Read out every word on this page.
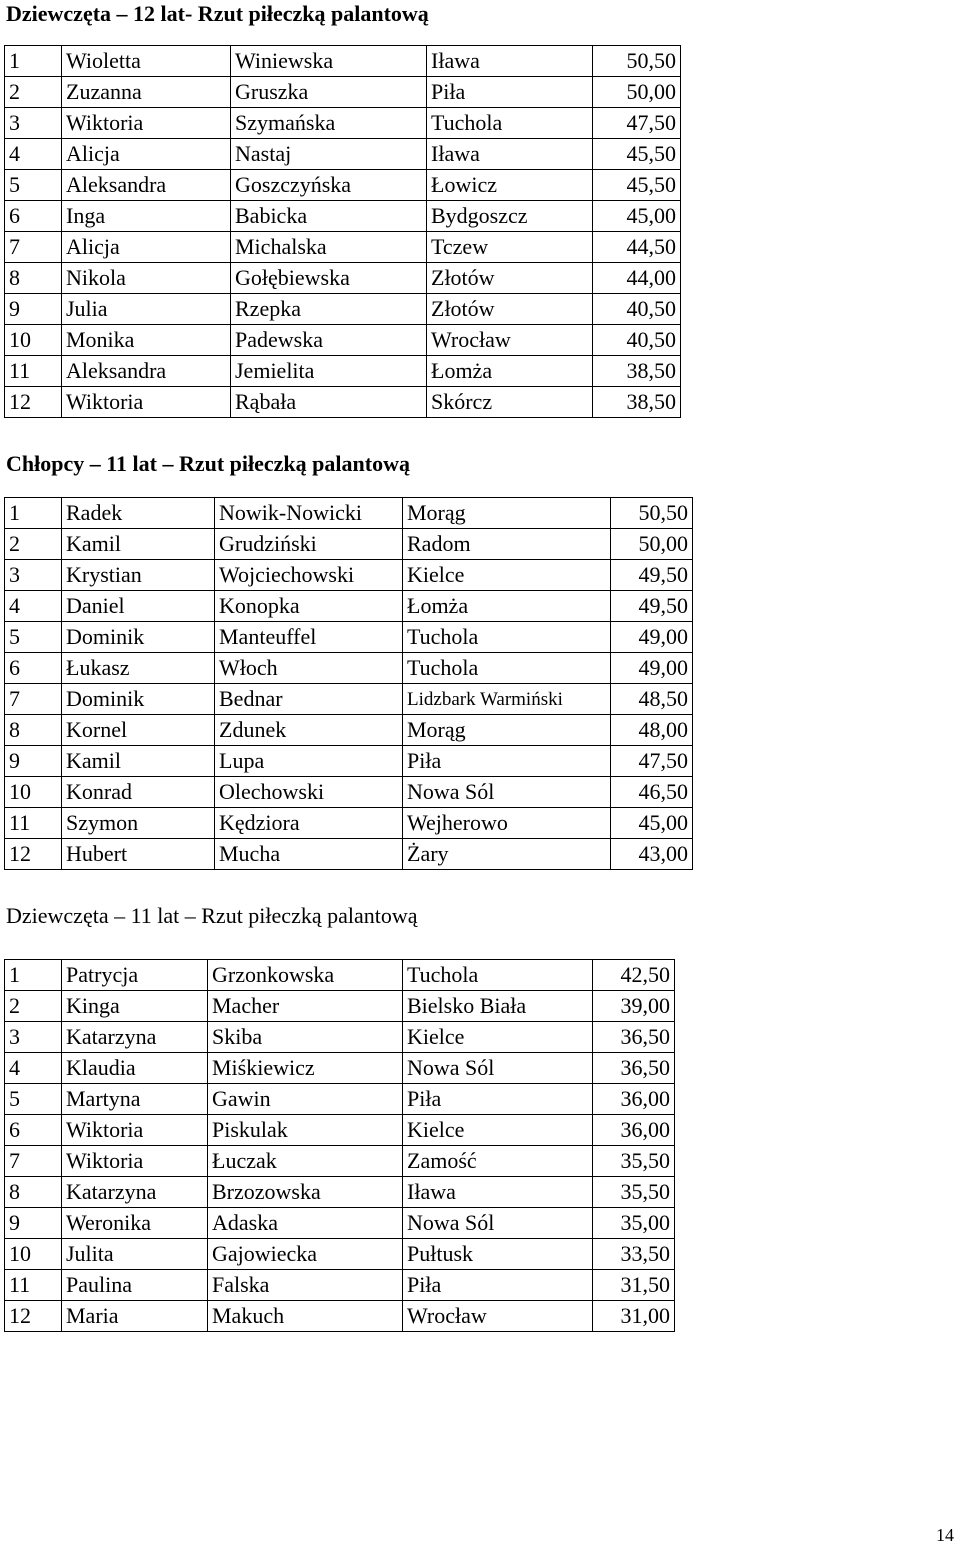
Dziewczęta – 12 lat- Rzut piłeczką palantową
1	Wioletta	Winiewska	Iława	50,50
2	Zuzanna	Gruszka	Piła	50,00
3	Wiktoria	Szymańska	Tuchola	47,50
4	Alicja	Nastaj	Iława	45,50
5	Aleksandra	Goszczyńska	Łowicz	45,50
6	Inga	Babicka	Bydgoszcz	45,00
7	Alicja	Michalska	Tczew	44,50
8	Nikola	Gołębiewska	Złotów	44,00
9	Julia	Rzepka	Złotów	40,50
10	Monika	Padewska	Wrocław	40,50
11	Aleksandra	Jemielita	Łomża	38,50
12	Wiktoria	Rąbała	Skórcz	38,50
Chłopcy – 11 lat – Rzut piłeczką palantową
1	Radek	Nowik-Nowicki	Morąg	50,50
2	Kamil	Grudziński	Radom	50,00
3	Krystian	Wojciechowski	Kielce	49,50
4	Daniel	Konopka	Łomża	49,50
5	Dominik	Manteuffel	Tuchola	49,00
6	Łukasz	Włoch	Tuchola	49,00
7	Dominik	Bednar	Lidzbark Warmiński	48,50
8	Kornel	Zdunek	Morąg	48,00
9	Kamil	Lupa	Piła	47,50
10	Konrad	Olechowski	Nowa Sól	46,50
11	Szymon	Kędziora	Wejherowo	45,00
12	Hubert	Mucha	Żary	43,00
Dziewczęta – 11 lat – Rzut piłeczką palantową
1	Patrycja	Grzonkowska	Tuchola	42,50
2	Kinga	Macher	Bielsko Biała	39,00
3	Katarzyna	Skiba	Kielce	36,50
4	Klaudia	Miśkiewicz	Nowa Sól	36,50
5	Martyna	Gawin	Piła	36,00
6	Wiktoria	Piskulak	Kielce	36,00
7	Wiktoria	Łuczak	Zamość	35,50
8	Katarzyna	Brzozowska	Iława	35,50
9	Weronika	Adaska	Nowa Sól	35,00
10	Julita	Gajowiecka	Pułtusk	33,50
11	Paulina	Falska	Piła	31,50
12	Maria	Makuch	Wrocław	31,00
14
